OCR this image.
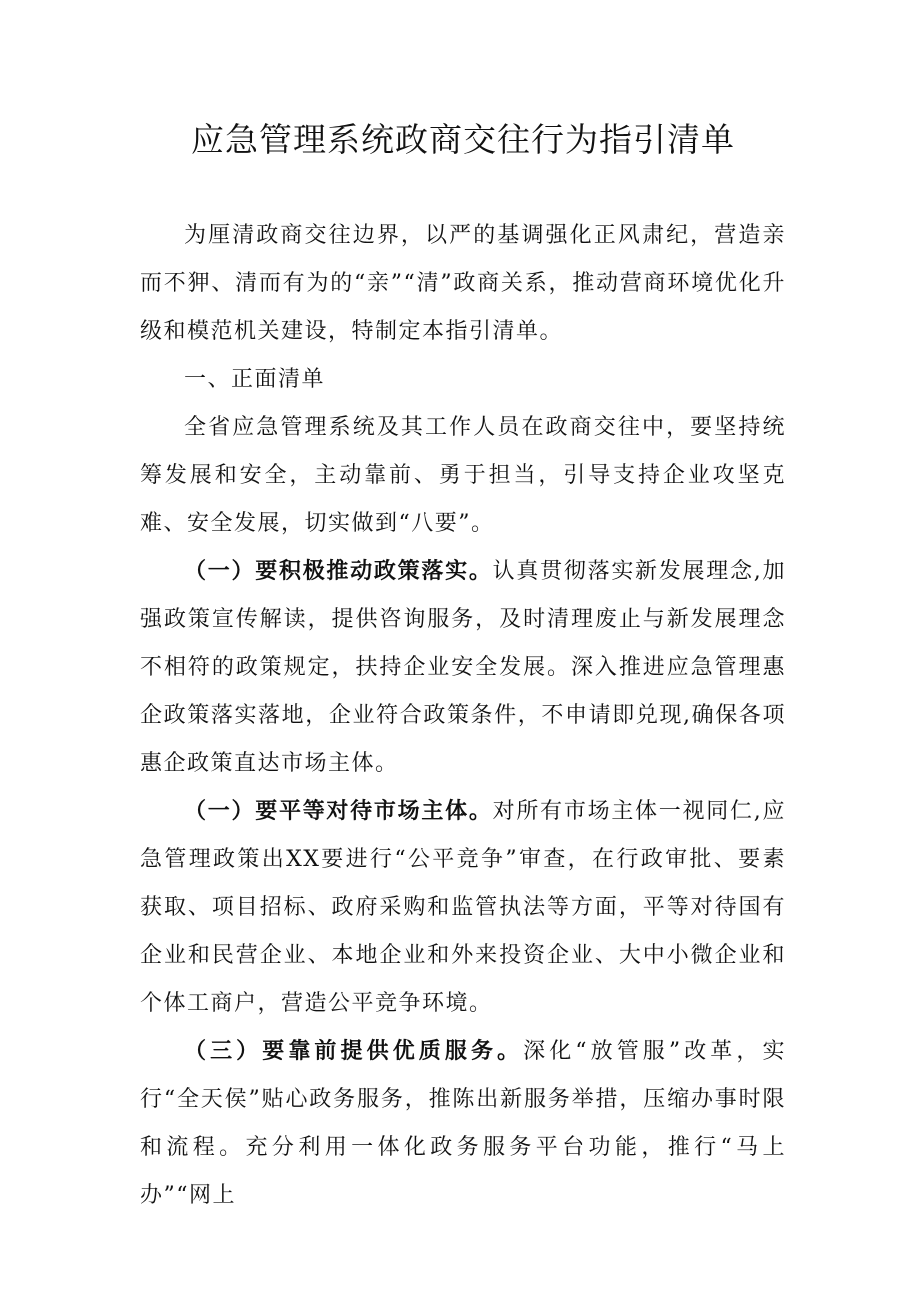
应急管理系统政商交往行为指引清单

为厘清政商交往边界，以严的基调强化正风肃纪，营造亲而不狎、清而有为的“亲”“清”政商关系，推动营商环境优化升级和模范机关建设，特制定本指引清单。

一、正面清单

全省应急管理系统及其工作人员在政商交往中，要坚持统筹发展和安全，主动靠前、勇于担当，引导支持企业攻坚克难、安全发展，切实做到“八要”。

（一）要积极推动政策落实。认真贯彻落实新发展理念,加强政策宣传解读，提供咨询服务，及时清理废止与新发展理念不相符的政策规定，扶持企业安全发展。深入推进应急管理惠企政策落实落地，企业符合政策条件，不申请即兑现,确保各项惠企政策直达市场主体。

（一）要平等对待市场主体。对所有市场主体一视同仁,应急管理政策出XX要进行“公平竞争”审查，在行政审批、要素获取、项目招标、政府采购和监管执法等方面，平等对待国有企业和民营企业、本地企业和外来投资企业、大中小微企业和个体工商户，营造公平竞争环境。

（三）要靠前提供优质服务。深化“放管服”改革，实行“全天侯”贴心政务服务，推陈出新服务举措，压缩办事时限和流程。充分利用一体化政务服务平台功能，推行“马上办”“网上
